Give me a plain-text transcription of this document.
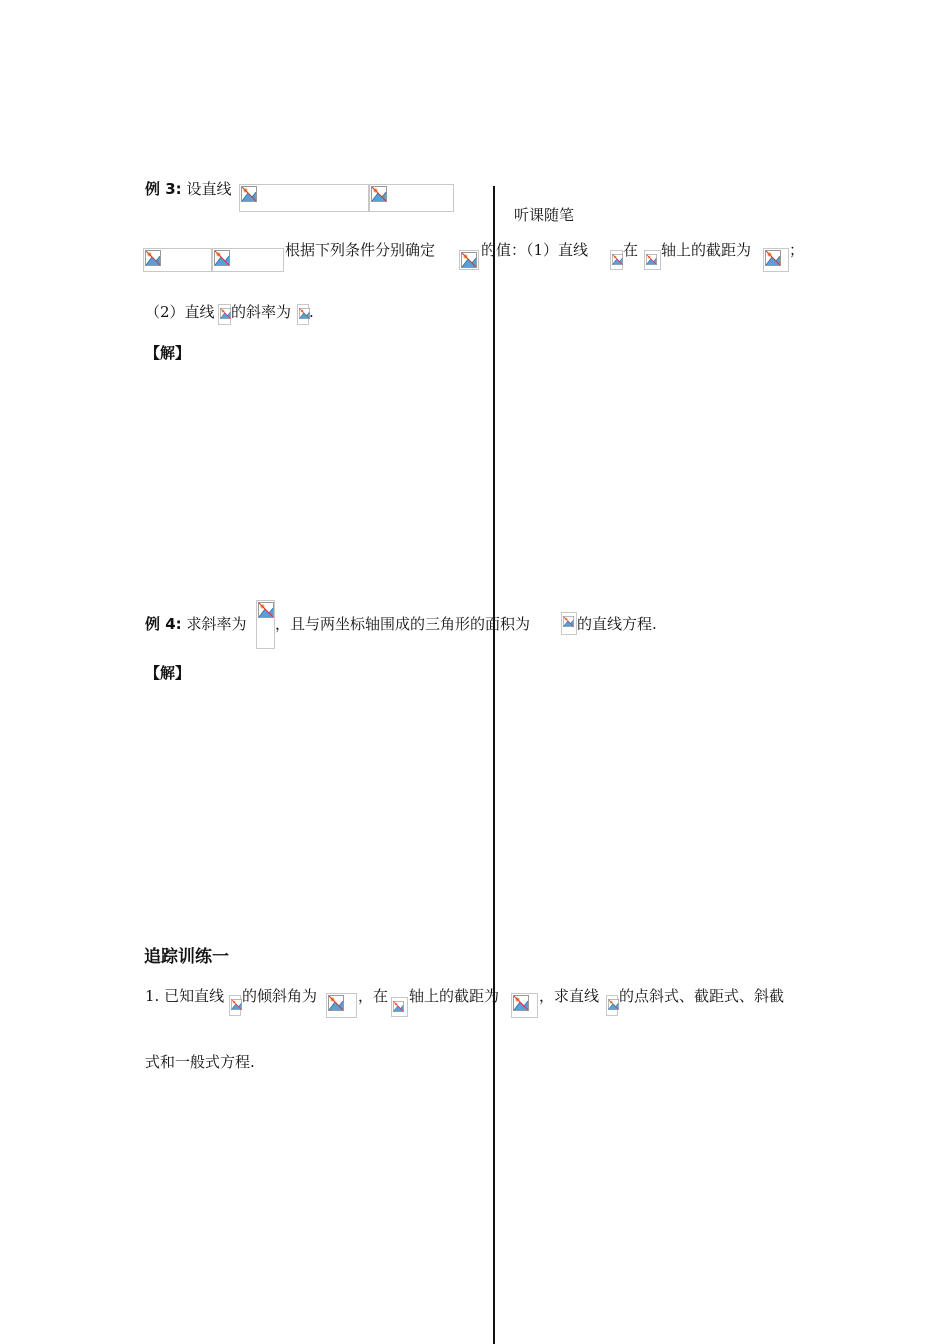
听课随笔
例 3: 设直线
根据下列条件分别确定	的值：（1）直线 在 轴上的截距为	；
（2）直线 的斜率为 .
【解】
例 4: 求斜率为 ，且与两坐标轴围成的三角形的面积为	的直线方程.
【解】
追踪训练一
1. 已知直线 的倾斜角为	，在 轴上的截距为	，求直线 的点斜式、截距式、斜截
式和一般式方程.
